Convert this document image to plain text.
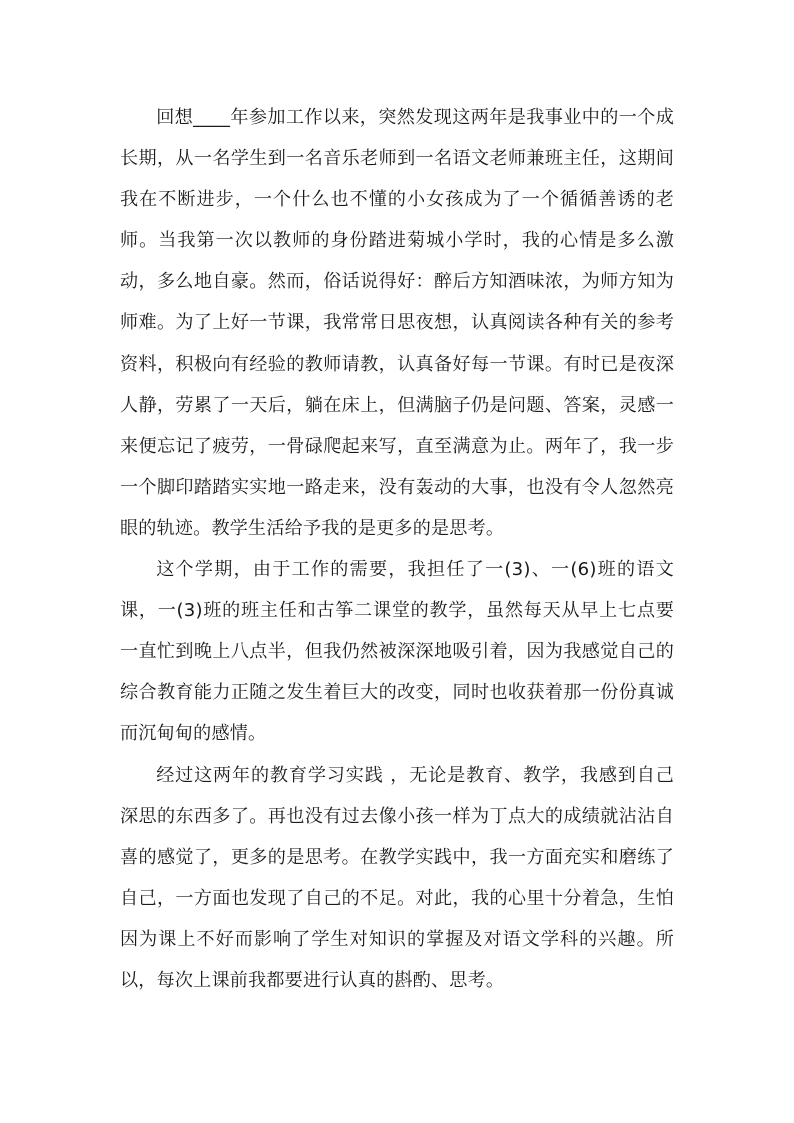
回想____年参加工作以来，突然发现这两年是我事业中的一个成长期，从一名学生到一名音乐老师到一名语文老师兼班主任，这期间我在不断进步，一个什么也不懂的小女孩成为了一个循循善诱的老师。当我第一次以教师的身份踏进菊城小学时，我的心情是多么激动，多么地自豪。然而，俗话说得好：醉后方知酒味浓，为师方知为师难。为了上好一节课，我常常日思夜想，认真阅读各种有关的参考资料，积极向有经验的教师请教，认真备好每一节课。有时已是夜深人静，劳累了一天后，躺在床上，但满脑子仍是问题、答案，灵感一来便忘记了疲劳，一骨碌爬起来写，直至满意为止。两年了，我一步一个脚印踏踏实实地一路走来，没有轰动的大事，也没有令人忽然亮眼的轨迹。教学生活给予我的是更多的是思考。

这个学期，由于工作的需要，我担任了一(3)、一(6)班的语文课，一(3)班的班主任和古筝二课堂的教学，虽然每天从早上七点要一直忙到晚上八点半，但我仍然被深深地吸引着，因为我感觉自己的综合教育能力正随之发生着巨大的改变，同时也收获着那一份份真诚而沉甸甸的感情。

经过这两年的教育学习实践 ，无论是教育、教学，我感到自己深思的东西多了。再也没有过去像小孩一样为丁点大的成绩就沾沾自喜的感觉了，更多的是思考。在教学实践中，我一方面充实和磨练了自己，一方面也发现了自己的不足。对此，我的心里十分着急，生怕因为课上不好而影响了学生对知识的掌握及对语文学科的兴趣。所以，每次上课前我都要进行认真的斟酌、思考。
